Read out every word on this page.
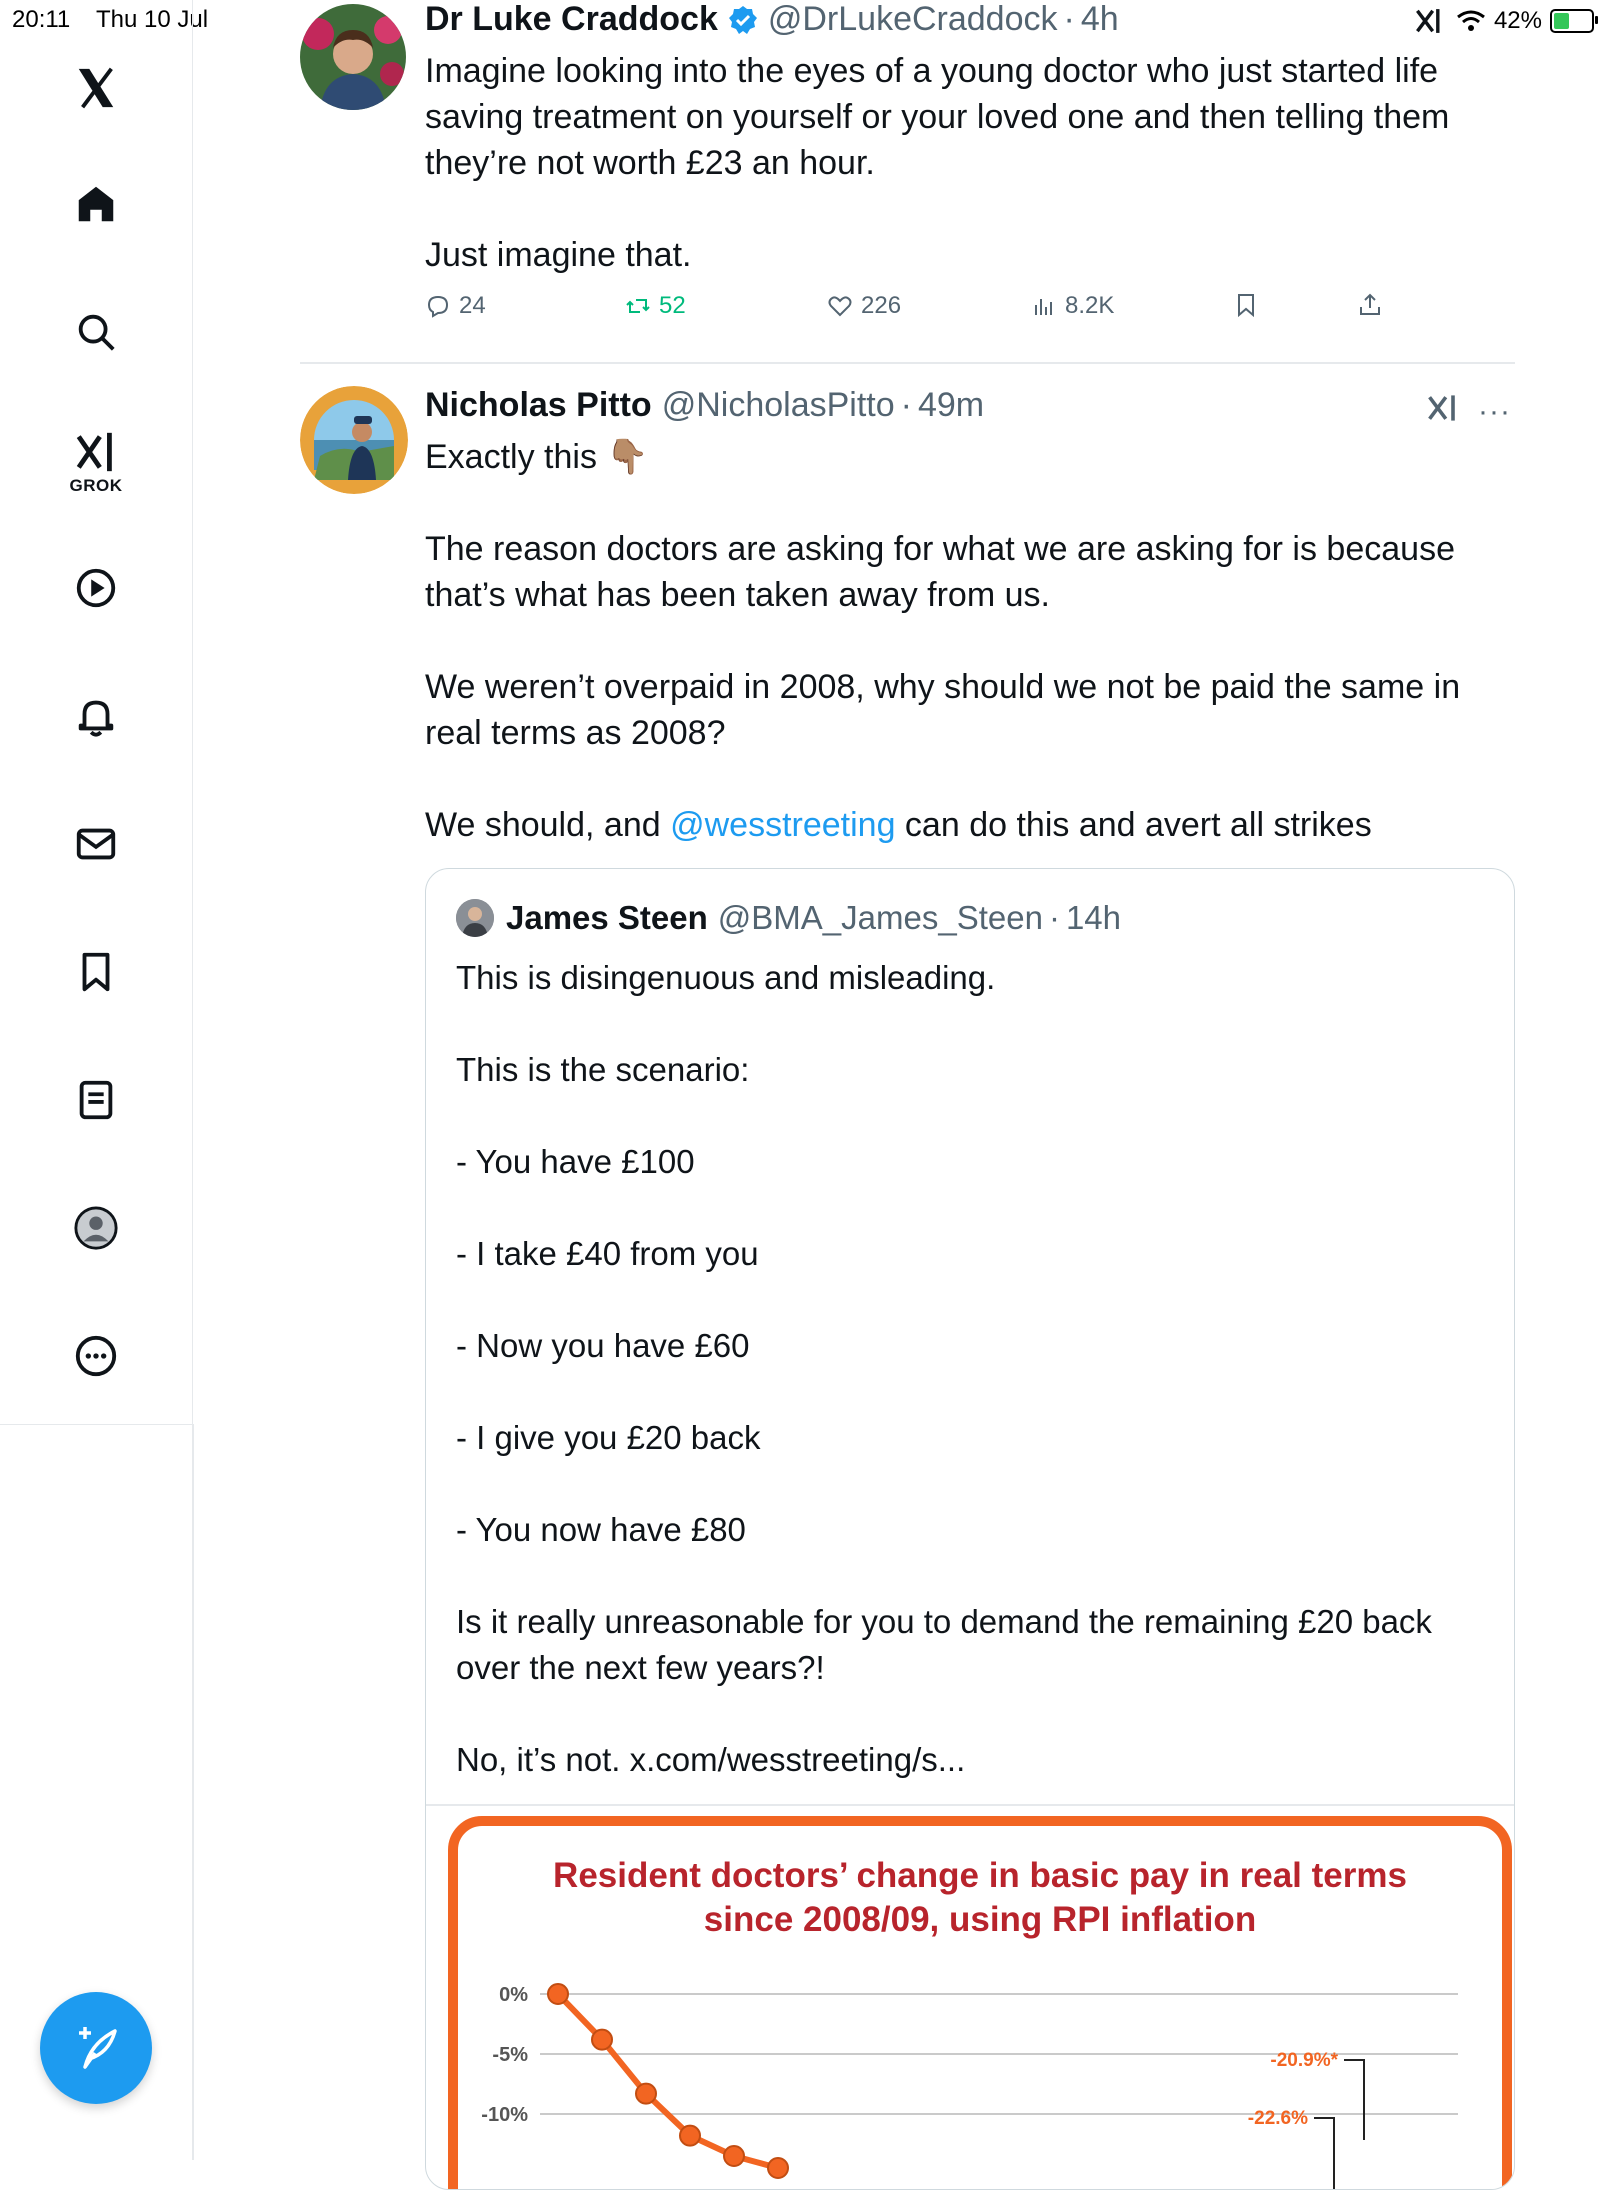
20:11 Thu 10 Jul	42%
GROK
Dr Luke Craddock @DrLukeCraddock · 4h

Imagine looking into the eyes of a young doctor who just started life saving treatment on yourself or your loved one and then telling them they’re not worth £23 an hour.

Just imagine that.

24	52	226	8.2K
Nicholas Pitto @NicholasPitto · 49m	···

Exactly this 👇🏽

The reason doctors are asking for what we are asking for is because that’s what has been taken away from us.

We weren’t overpaid in 2008, why should we not be paid the same in real terms as 2008?

We should, and @wesstreeting can do this and avert all strikes

James Steen @BMA_James_Steen · 14h

This is disingenuous and misleading.

This is the scenario:

- You have £100

- I take £40 from you

- Now you have £60

- I give you £20 back

- You now have £80

Is it really unreasonable for you to demand the remaining £20 back over the next few years?!

No, it’s not. x.com/wesstreeting/s...

Resident doctors’ change in basic pay in real terms
since 2008/09, using RPI inflation
0%
-5%
-10%
-20.9%*
-22.6%
